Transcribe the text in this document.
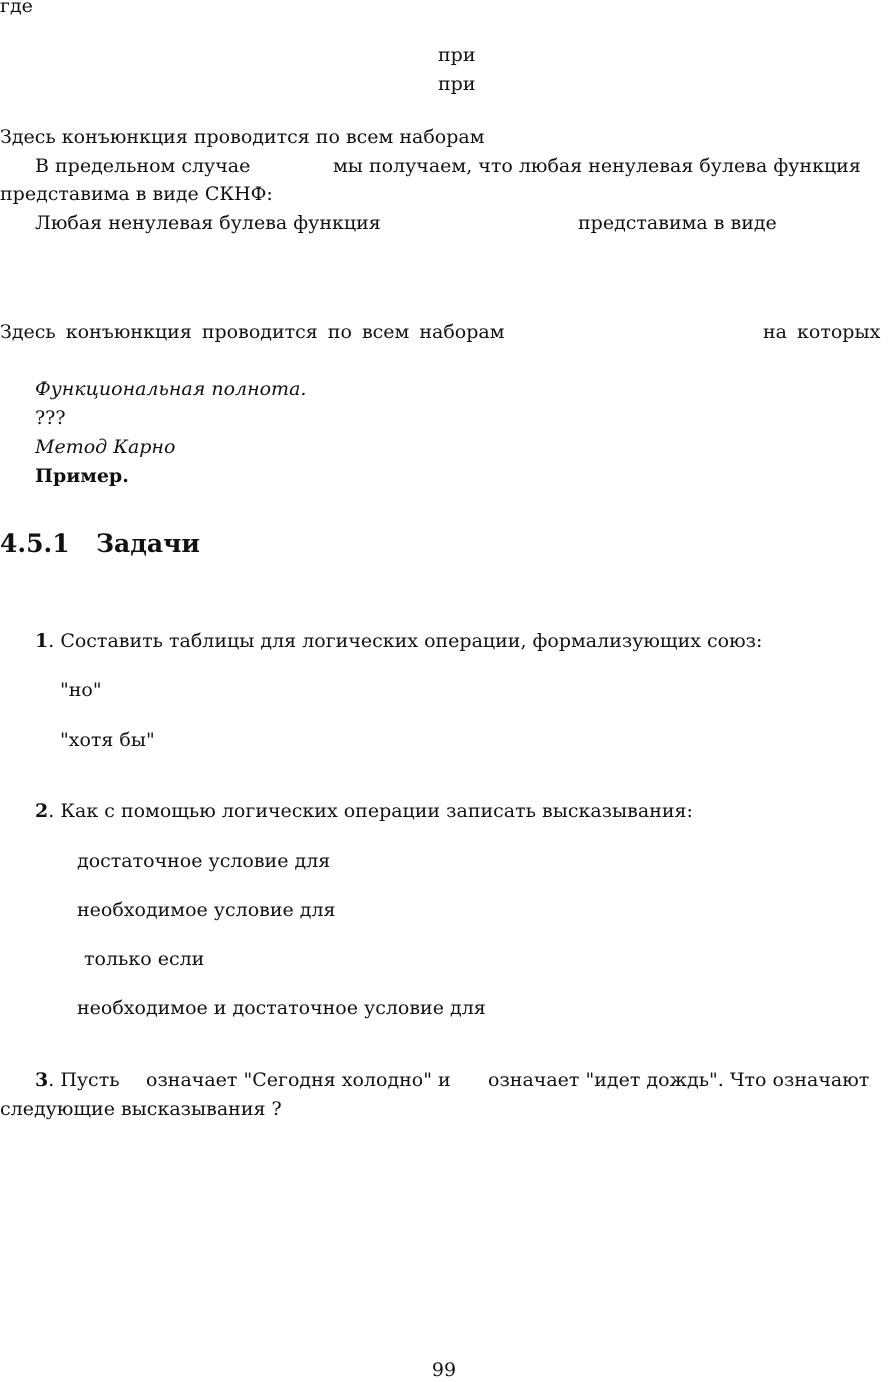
где
при
при
Здесь конъюнкция проводится по всем наборам
В предельном случае	мы получаем, что любая ненулевая булева функция
представима в виде СКНФ:
Любая ненулевая булева функция	представима в виде
Здесь конъюнкция проводится по всем наборам	на которых
Функциональная полнота.
???
Метод Карно
Пример.
4.5.1 Задачи
1. Составить таблицы для логических операции, формализующих союз:
"но"
"хотя бы"
2. Как с помощью логических операции записать высказывания:
достаточное условие для
необходимое условие для
только если
необходимое и достаточное условие для
3. Пусть означает "Сегодня холодно" и означает "идет дождь". Что означают
следующие высказывания ?
99
